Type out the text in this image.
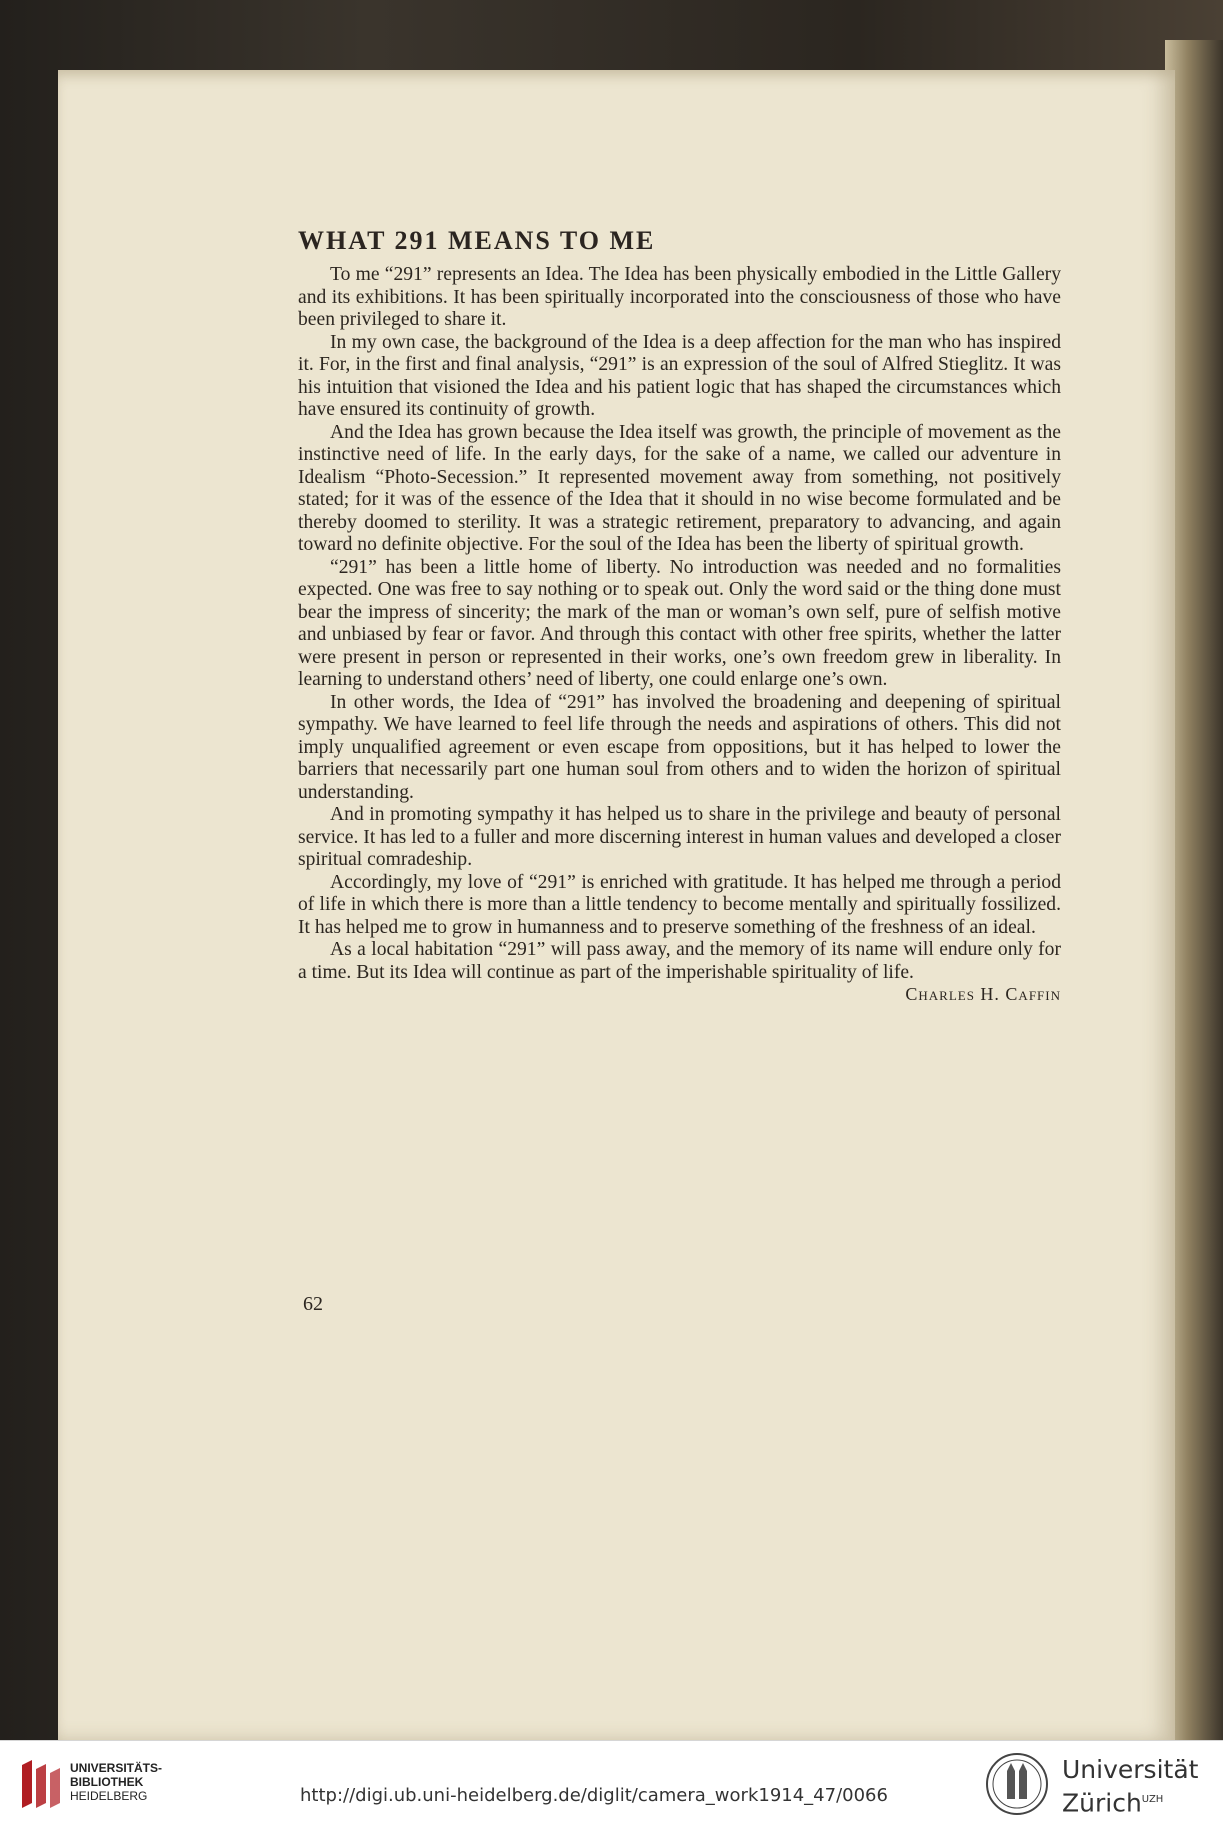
WHAT 291 MEANS TO ME

To me “291” represents an Idea. The Idea has been physically embodied in the Little Gallery and its exhibitions. It has been spiritually incorporated into the consciousness of those who have been privileged to share it.

In my own case, the background of the Idea is a deep affection for the man who has inspired it. For, in the first and final analysis, “291” is an expression of the soul of Alfred Stieglitz. It was his intuition that visioned the Idea and his patient logic that has shaped the circumstances which have ensured its continuity of growth.

And the Idea has grown because the Idea itself was growth, the principle of movement as the instinctive need of life. In the early days, for the sake of a name, we called our adventure in Idealism “Photo-Secession.” It represented movement away from something, not positively stated; for it was of the essence of the Idea that it should in no wise become formulated and be thereby doomed to sterility. It was a strategic retirement, preparatory to advancing, and again toward no definite objective. For the soul of the Idea has been the liberty of spiritual growth.

“291” has been a little home of liberty. No introduction was needed and no formalities expected. One was free to say nothing or to speak out. Only the word said or the thing done must bear the impress of sincerity; the mark of the man or woman’s own self, pure of selfish motive and unbiased by fear or favor. And through this contact with other free spirits, whether the latter were present in person or represented in their works, one’s own freedom grew in liberality. In learning to understand others’ need of liberty, one could enlarge one’s own.

In other words, the Idea of “291” has involved the broadening and deepening of spiritual sympathy. We have learned to feel life through the needs and aspirations of others. This did not imply unqualified agreement or even escape from oppositions, but it has helped to lower the barriers that necessarily part one human soul from others and to widen the horizon of spiritual understanding.

And in promoting sympathy it has helped us to share in the privilege and beauty of personal service. It has led to a fuller and more discerning interest in human values and developed a closer spiritual comradeship.

Accordingly, my love of “291” is enriched with gratitude. It has helped me through a period of life in which there is more than a little tendency to become mentally and spiritually fossilized. It has helped me to grow in humanness and to preserve something of the freshness of an ideal.

As a local habitation “291” will pass away, and the memory of its name will endure only for a time. But its Idea will continue as part of the imperishable spirituality of life.

Charles H. Caffin

62
UNIVERSITÄTS-
BIBLIOTHEK
HEIDELBERG	http://digi.ub.uni-heidelberg.de/diglit/camera_work1914_47/0066
Universität
Zürich$^{UZH}$
